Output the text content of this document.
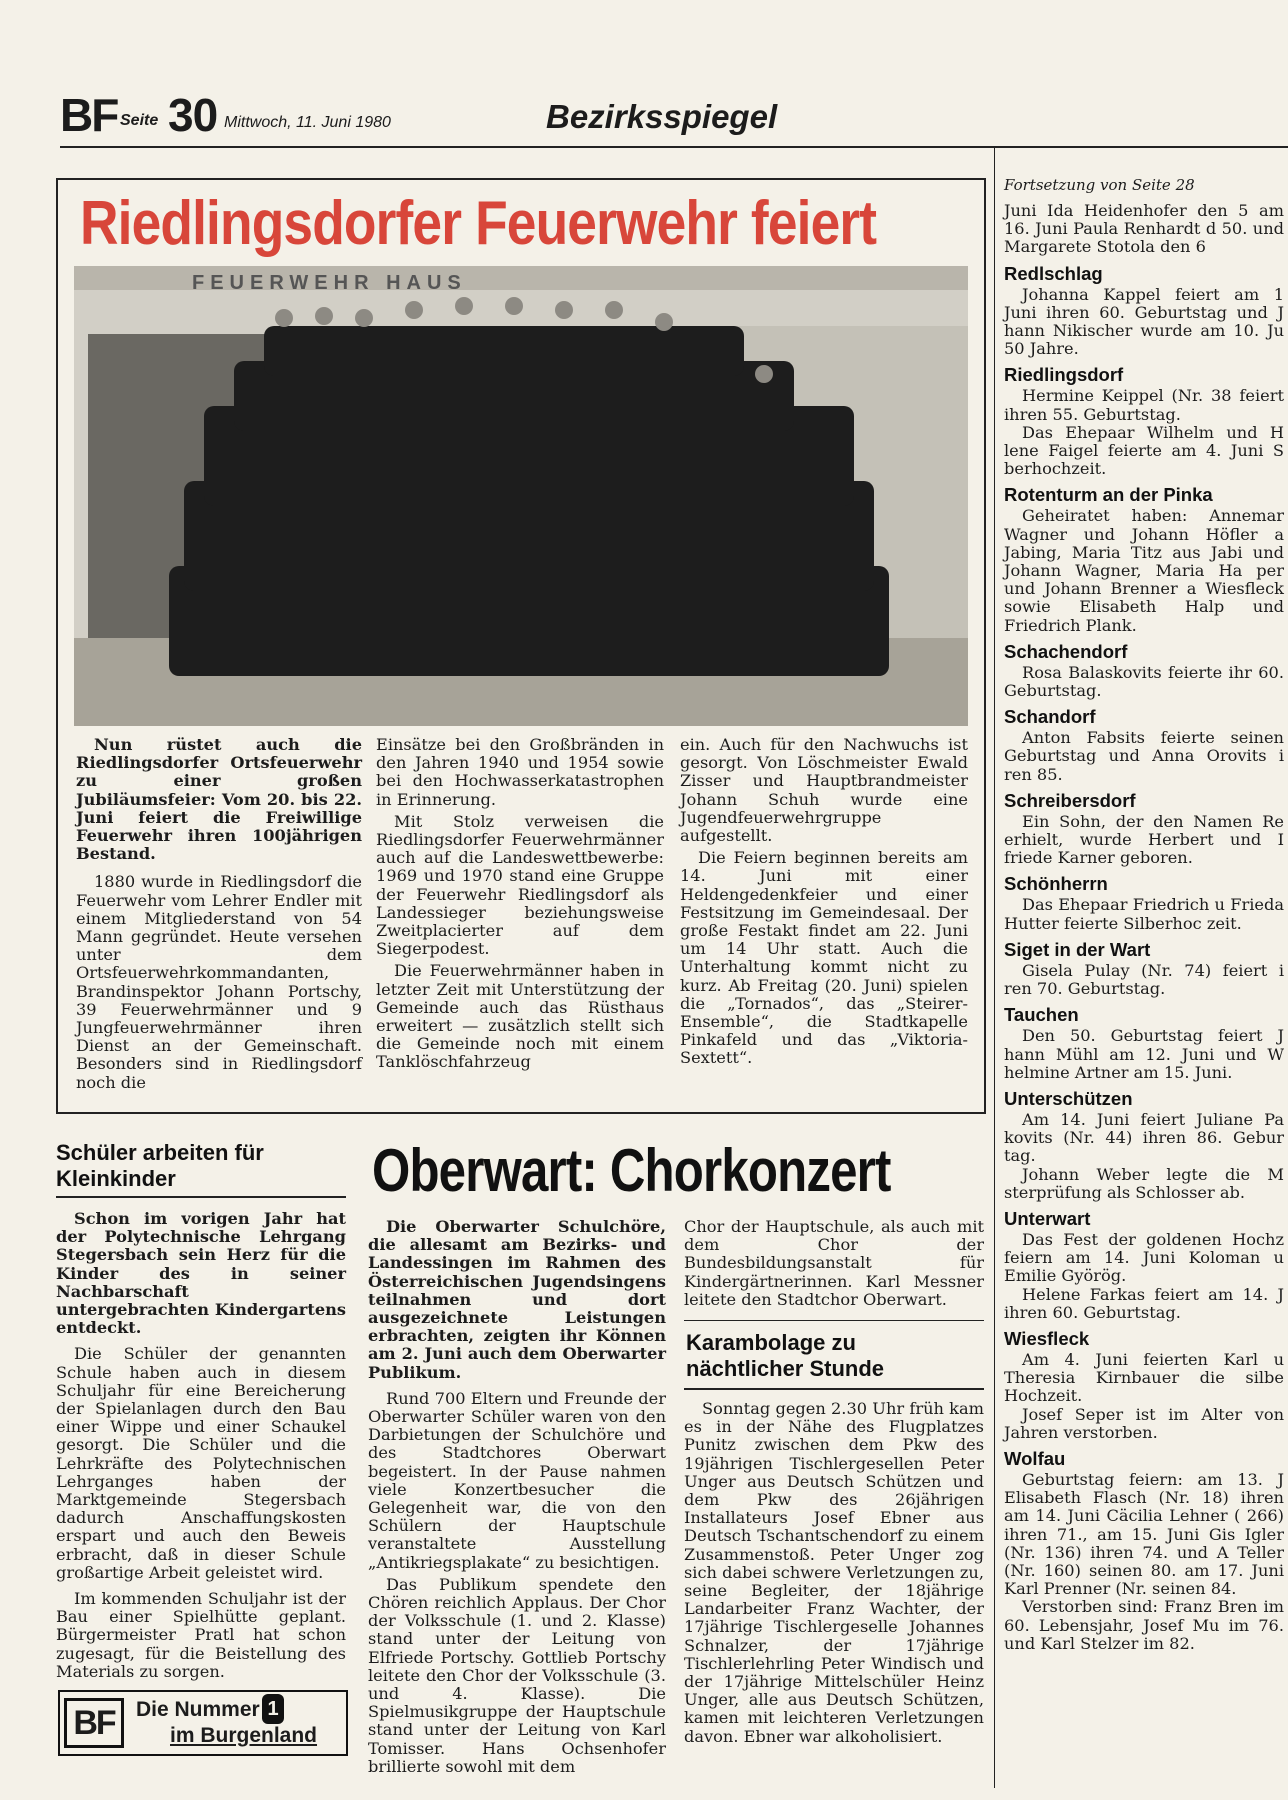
BF Seite 30 Mittwoch, 11. Juni 1980	Bezirksspiegel
Riedlingsdorfer Feuerwehr feiert
FEUERWEHR HAUS

Nun rüstet auch die Riedlingsdorfer Ortsfeuerwehr zu einer großen Jubiläumsfeier: Vom 20. bis 22. Juni feiert die Freiwillige Feuerwehr ihren 100jährigen Bestand.

1880 wurde in Riedlingsdorf die Feuerwehr vom Lehrer Endler mit einem Mitgliederstand von 54 Mann gegründet. Heute versehen unter dem Ortsfeuerwehrkommandanten, Brandinspektor Johann Portschy, 39 Feuerwehrmänner und 9 Jungfeuerwehrmänner ihren Dienst an der Gemeinschaft. Besonders sind in Riedlingsdorf noch die

Einsätze bei den Großbränden in den Jahren 1940 und 1954 sowie bei den Hochwasserkatastrophen in Erinnerung.

Mit Stolz verweisen die Riedlingsdorfer Feuerwehrmänner auch auf die Landeswettbewerbe: 1969 und 1970 stand eine Gruppe der Feuerwehr Riedlingsdorf als Landessieger beziehungsweise Zweitplacierter auf dem Siegerpodest.

Die Feuerwehrmänner haben in letzter Zeit mit Unterstützung der Gemeinde auch das Rüsthaus erweitert — zusätzlich stellt sich die Gemeinde noch mit einem Tanklöschfahrzeug

ein. Auch für den Nachwuchs ist gesorgt. Von Löschmeister Ewald Zisser und Hauptbrandmeister Johann Schuh wurde eine Jugendfeuerwehrgruppe aufgestellt.

Die Feiern beginnen bereits am 14. Juni mit einer Heldengedenkfeier und einer Festsitzung im Gemeindesaal. Der große Festakt findet am 22. Juni um 14 Uhr statt. Auch die Unterhaltung kommt nicht zu kurz. Ab Freitag (20. Juni) spielen die „Tornados“, das „Steirer-Ensemble“, die Stadtkapelle Pinkafeld und das „Viktoria-Sextett“.

Schüler arbeiten für Kleinkinder

Schon im vorigen Jahr hat der Polytechnische Lehrgang Stegersbach sein Herz für die Kinder des in seiner Nachbarschaft untergebrachten Kindergartens entdeckt.

Die Schüler der genannten Schule haben auch in diesem Schuljahr für eine Bereicherung der Spielanlagen durch den Bau einer Wippe und einer Schaukel gesorgt. Die Schüler und die Lehrkräfte des Polytechnischen Lehrganges haben der Marktgemeinde Stegersbach dadurch Anschaffungskosten erspart und auch den Beweis erbracht, daß in dieser Schule großartige Arbeit geleistet wird.

Im kommenden Schuljahr ist der Bau einer Spielhütte geplant. Bürgermeister Pratl hat schon zugesagt, für die Beistellung des Materials zu sorgen.

BF	Die Nummer 1
im Burgenland
Oberwart: Chorkonzert

Die Oberwarter Schulchöre, die allesamt am Bezirks- und Landessingen im Rahmen des Österreichischen Jugendsingens teilnahmen und dort ausgezeichnete Leistungen erbrachten, zeigten ihr Können am 2. Juni auch dem Oberwarter Publikum.

Rund 700 Eltern und Freunde der Oberwarter Schüler waren von den Darbietungen der Schulchöre und des Stadtchores Oberwart begeistert. In der Pause nahmen viele Konzertbesucher die Gelegenheit war, die von den Schülern der Hauptschule veranstaltete Ausstellung „Antikriegsplakate“ zu besichtigen.

Das Publikum spendete den Chören reichlich Applaus. Der Chor der Volksschule (1. und 2. Klasse) stand unter der Leitung von Elfriede Portschy. Gottlieb Portschy leitete den Chor der Volksschule (3. und 4. Klasse). Die Spielmusikgruppe der Hauptschule stand unter der Leitung von Karl Tomisser. Hans Ochsenhofer brillierte sowohl mit dem

Chor der Hauptschule, als auch mit dem Chor der Bundesbildungsanstalt für Kindergärtnerinnen. Karl Messner leitete den Stadtchor Oberwart.

Karambolage zu nächtlicher Stunde

Sonntag gegen 2.30 Uhr früh kam es in der Nähe des Flugplatzes Punitz zwischen dem Pkw des 19jährigen Tischlergesellen Peter Unger aus Deutsch Schützen und dem Pkw des 26jährigen Installateurs Josef Ebner aus Deutsch Tschantschendorf zu einem Zusammenstoß. Peter Unger zog sich dabei schwere Verletzungen zu, seine Begleiter, der 18jährige Landarbeiter Franz Wachter, der 17jährige Tischlergeselle Johannes Schnalzer, der 17jährige Tischlerlehrling Peter Windisch und der 17jährige Mittelschüler Heinz Unger, alle aus Deutsch Schützen, kamen mit leichteren Verletzungen davon. Ebner war alkoholisiert.

Fortsetzung von Seite 28
Juni Ida Heidenhofer den 5 am 16. Juni Paula Renhardt d 50. und Margarete Stotola den 6
Redlschlag

Johanna Kappel feiert am 1 Juni ihren 60. Geburtstag und J hann Nikischer wurde am 10. Ju 50 Jahre.

Riedlingsdorf

Hermine Keippel (Nr. 38 feiert ihren 55. Geburtstag.

Das Ehepaar Wilhelm und H lene Faigel feierte am 4. Juni S berhochzeit.

Rotenturm an der Pinka

Geheiratet haben: Annemar Wagner und Johann Höfler a Jabing, Maria Titz aus Jabi und Johann Wagner, Maria Ha per und Johann Brenner a Wiesfleck sowie Elisabeth Halp und Friedrich Plank.

Schachendorf

Rosa Balaskovits feierte ihr 60. Geburtstag.

Schandorf

Anton Fabsits feierte seinen Geburtstag und Anna Orovits i ren 85.

Schreibersdorf

Ein Sohn, der den Namen Re erhielt, wurde Herbert und I friede Karner geboren.

Schönherrn

Das Ehepaar Friedrich u Frieda Hutter feierte Silberhoc zeit.

Siget in der Wart

Gisela Pulay (Nr. 74) feiert i ren 70. Geburtstag.

Tauchen

Den 50. Geburtstag feiert J hann Mühl am 12. Juni und W helmine Artner am 15. Juni.

Unterschützen

Am 14. Juni feiert Juliane Pa kovits (Nr. 44) ihren 86. Gebur tag.

Johann Weber legte die M sterprüfung als Schlosser ab.

Unterwart

Das Fest der goldenen Hochz feiern am 14. Juni Koloman u Emilie Györög.

Helene Farkas feiert am 14. J ihren 60. Geburtstag.

Wiesfleck

Am 4. Juni feierten Karl u Theresia Kirnbauer die silbe Hochzeit.

Josef Seper ist im Alter von Jahren verstorben.

Wolfau

Geburtstag feiern: am 13. J Elisabeth Flasch (Nr. 18) ihren am 14. Juni Cäcilia Lehner ( 266) ihren 71., am 15. Juni Gis Igler (Nr. 136) ihren 74. und A Teller (Nr. 160) seinen 80. am 17. Juni Karl Prenner (Nr. seinen 84.

Verstorben sind: Franz Bren im 60. Lebensjahr, Josef Mu im 76. und Karl Stelzer im 82.
